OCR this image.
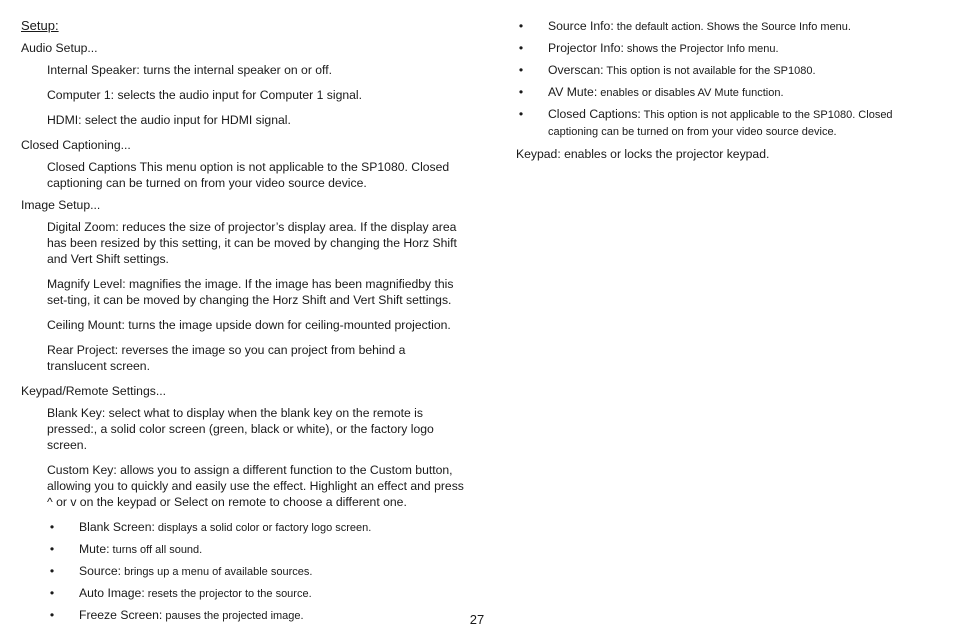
Setup:
Audio Setup...
Internal Speaker: turns the internal speaker on or off.
Computer 1: selects the audio input for Computer 1 signal.
HDMI: select the audio input for HDMI signal.
Closed Captioning...
Closed Captions This menu option is not applicable to the SP1080. Closed captioning can be turned on from your video source device.
Image Setup...
Digital Zoom: reduces the size of projector’s display area. If the display area has been resized by this setting, it can be moved by changing the Horz Shift and Vert Shift settings.
Magnify Level: magnifies the image. If the image has been magnifiedby this set-ting, it can be moved by changing the Horz Shift and Vert Shift settings.
Ceiling Mount: turns the image upside down for ceiling-mounted projection.
Rear Project: reverses the image so you can project from behind a translucent screen.
Keypad/Remote Settings...
Blank Key: select what to display when the blank key on the remote is pressed:, a solid color screen (green, black or white), or the factory logo screen.
Custom Key: allows you to assign a different function to the Custom button, allowing you to quickly and easily use the effect. Highlight an effect and press ^ or v on the keypad or Select on remote to choose a different one.
• Blank Screen: displays a solid color or factory logo screen.
• Mute: turns off all sound.
• Source: brings up a menu of available sources.
• Auto Image: resets the projector to the source.
• Freeze Screen: pauses the projected image.
• Source Info: the default action. Shows the Source Info menu.
• Projector Info: shows the Projector Info menu.
• Overscan: This option is not available for the SP1080.
• AV Mute: enables or disables AV Mute function.
• Closed Captions: This option is not applicable to the SP1080. Closed captioning can be turned on from your video source device.
Keypad: enables or locks the projector keypad.
27
